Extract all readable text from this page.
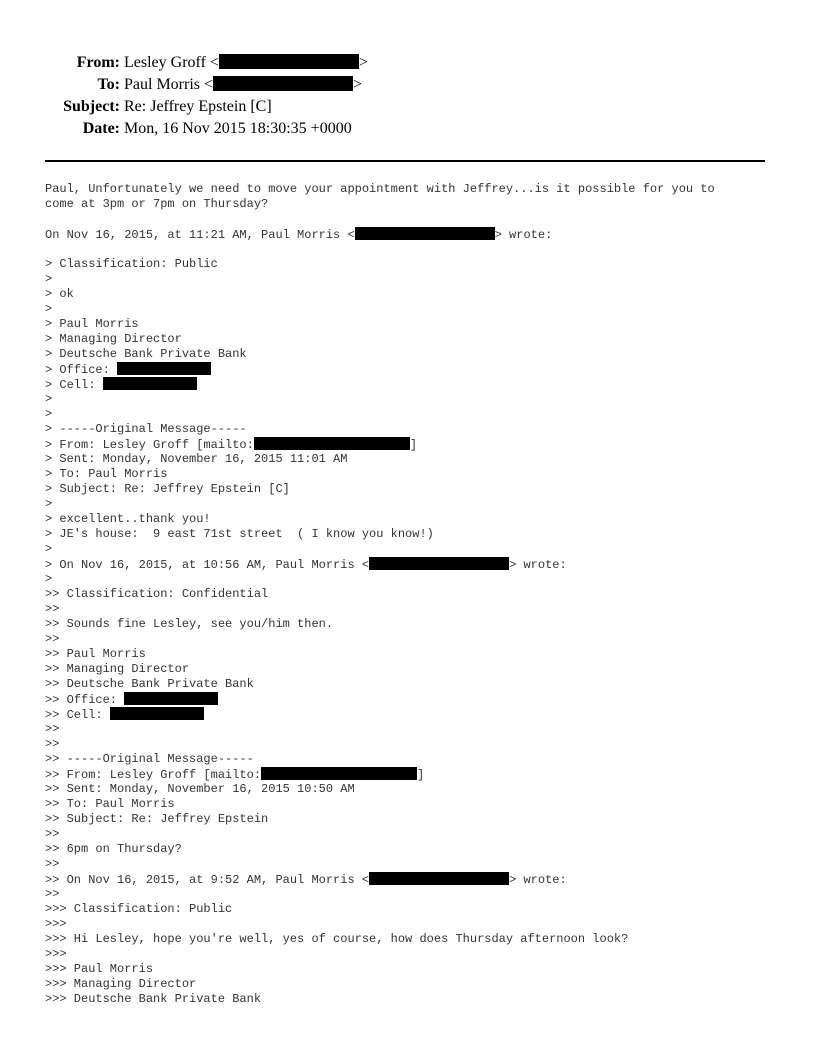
From: Lesley Groff <	>
To: Paul Morris <	>
Subject: Re: Jeffrey Epstein [C]
Date: Mon, 16 Nov 2015 18:30:35 +0000
Paul, Unfortunately we need to move your appointment with Jeffrey...is it possible for you to
come at 3pm or 7pm on Thursday?
On Nov 16, 2015, at 11:21 AM, Paul Morris <	> wrote:
> Classification: Public
>
> ok
>
> Paul Morris
> Managing Director
> Deutsche Bank Private Bank
> Office:
> Cell:
>
>
> -----Original Message-----
> From: Lesley Groff [mailto:	]
> Sent: Monday, November 16, 2015 11:01 AM
> To: Paul Morris
> Subject: Re: Jeffrey Epstein [C]
>
> excellent..thank you!
> JE's house:  9 east 71st street  ( I know you know!)
>
> On Nov 16, 2015, at 10:56 AM, Paul Morris <	> wrote:
>
>> Classification: Confidential
>>
>> Sounds fine Lesley, see you/him then.
>>
>> Paul Morris
>> Managing Director
>> Deutsche Bank Private Bank
>> Office:
>> Cell:
>>
>>
>> -----Original Message-----
>> From: Lesley Groff [mailto:	]
>> Sent: Monday, November 16, 2015 10:50 AM
>> To: Paul Morris
>> Subject: Re: Jeffrey Epstein
>>
>> 6pm on Thursday?
>>
>> On Nov 16, 2015, at 9:52 AM, Paul Morris <	> wrote:
>>
>>> Classification: Public
>>>
>>> Hi Lesley, hope you're well, yes of course, how does Thursday afternoon look?
>>>
>>> Paul Morris
>>> Managing Director
>>> Deutsche Bank Private Bank
